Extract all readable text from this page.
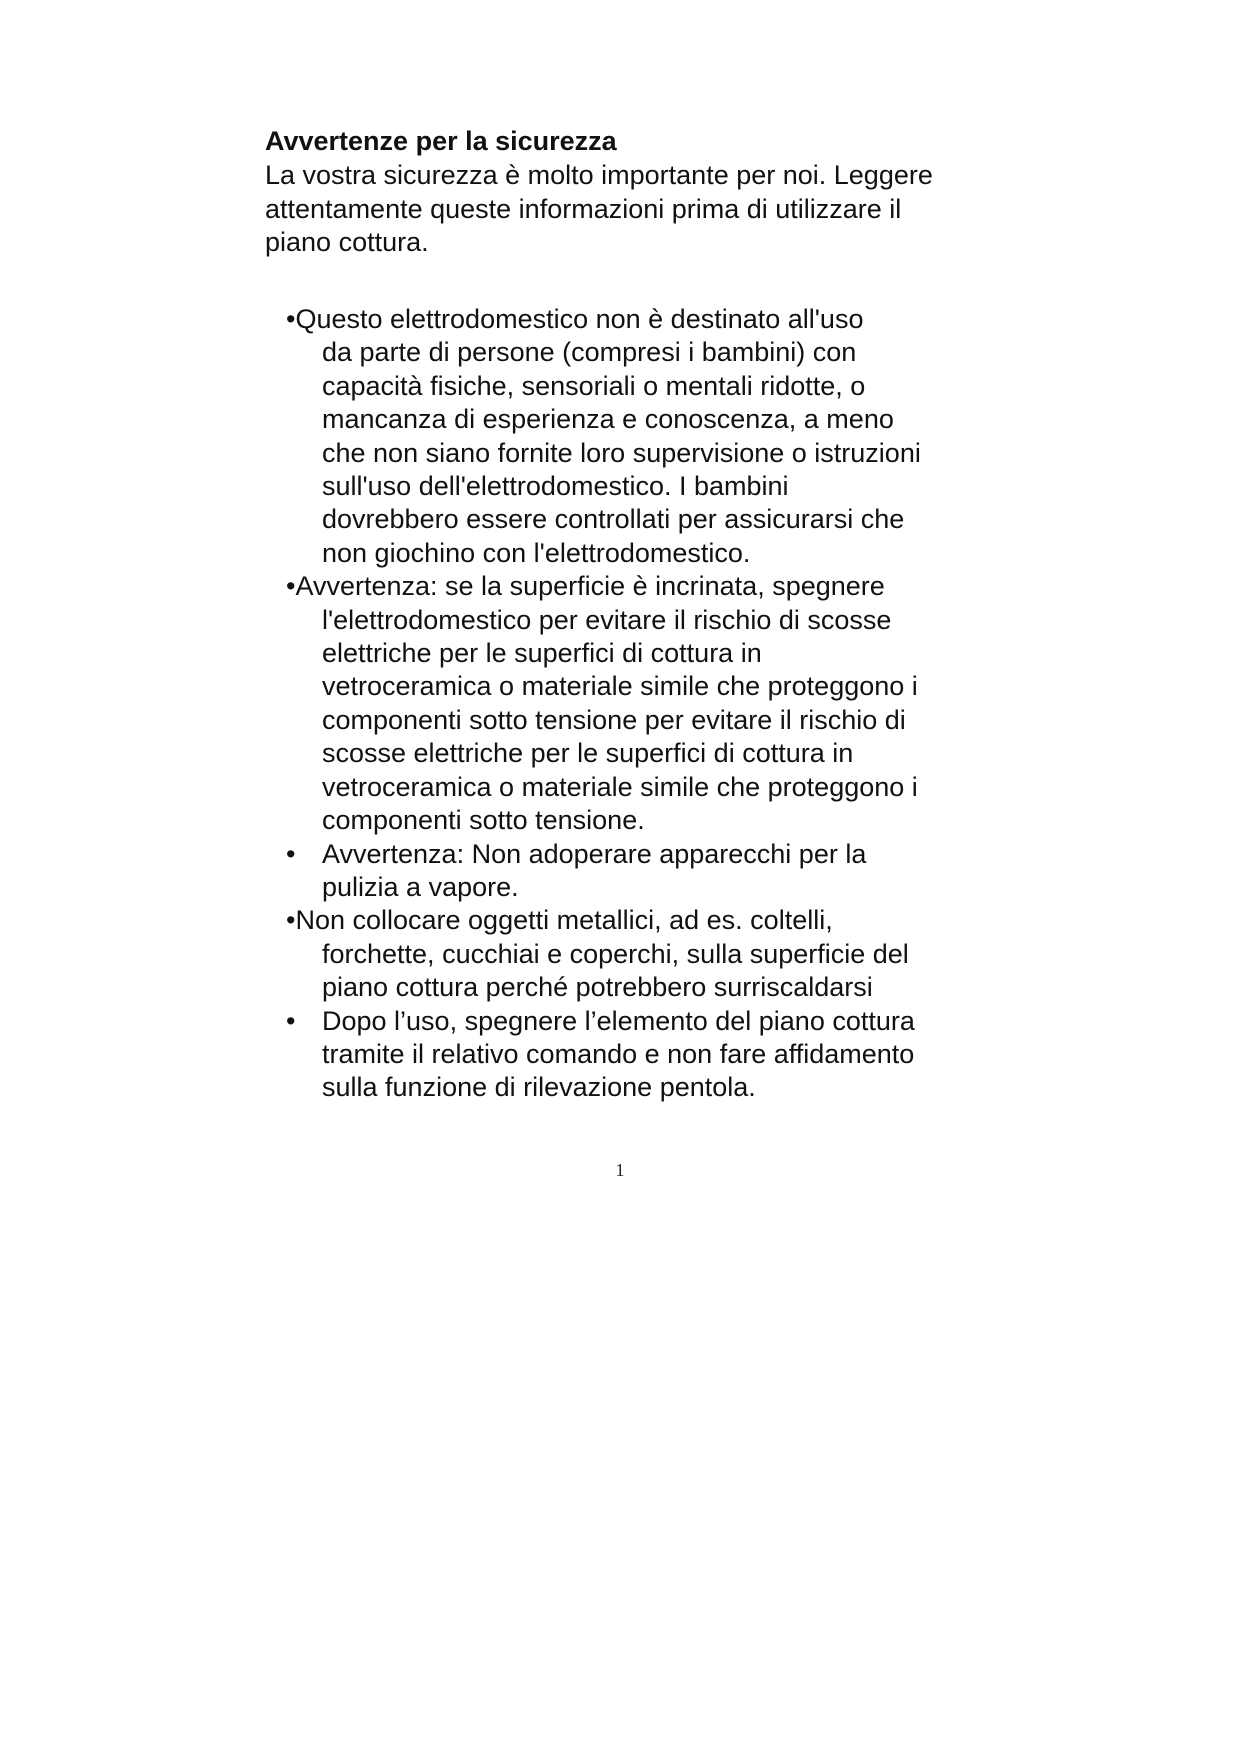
Avvertenze per la sicurezza

La vostra sicurezza è molto importante per noi. Leggere
attentamente queste informazioni prima di utilizzare il
piano cottura.

•Questo elettrodomestico non è destinato all'uso
da parte di persone (compresi i bambini) con
capacità fisiche, sensoriali o mentali ridotte, o
mancanza di esperienza e conoscenza, a meno
che non siano fornite loro supervisione o istruzioni
sull'uso dell'elettrodomestico. I bambini
dovrebbero essere controllati per assicurarsi che
non giochino con l'elettrodomestico.
•Avvertenza: se la superficie è incrinata, spegnere
l'elettrodomestico per evitare il rischio di scosse
elettriche per le superfici di cottura in
vetroceramica o materiale simile che proteggono i
componenti sotto tensione per evitare il rischio di
scosse elettriche per le superfici di cottura in
vetroceramica o materiale simile che proteggono i
componenti sotto tensione.
• Avvertenza: Non adoperare apparecchi per la
pulizia a vapore.
•Non collocare oggetti metallici, ad es. coltelli,
forchette, cucchiai e coperchi, sulla superficie del
piano cottura perché potrebbero surriscaldarsi
• Dopo l’uso, spegnere l’elemento del piano cottura
tramite il relativo comando e non fare affidamento
sulla funzione di rilevazione pentola.
1
